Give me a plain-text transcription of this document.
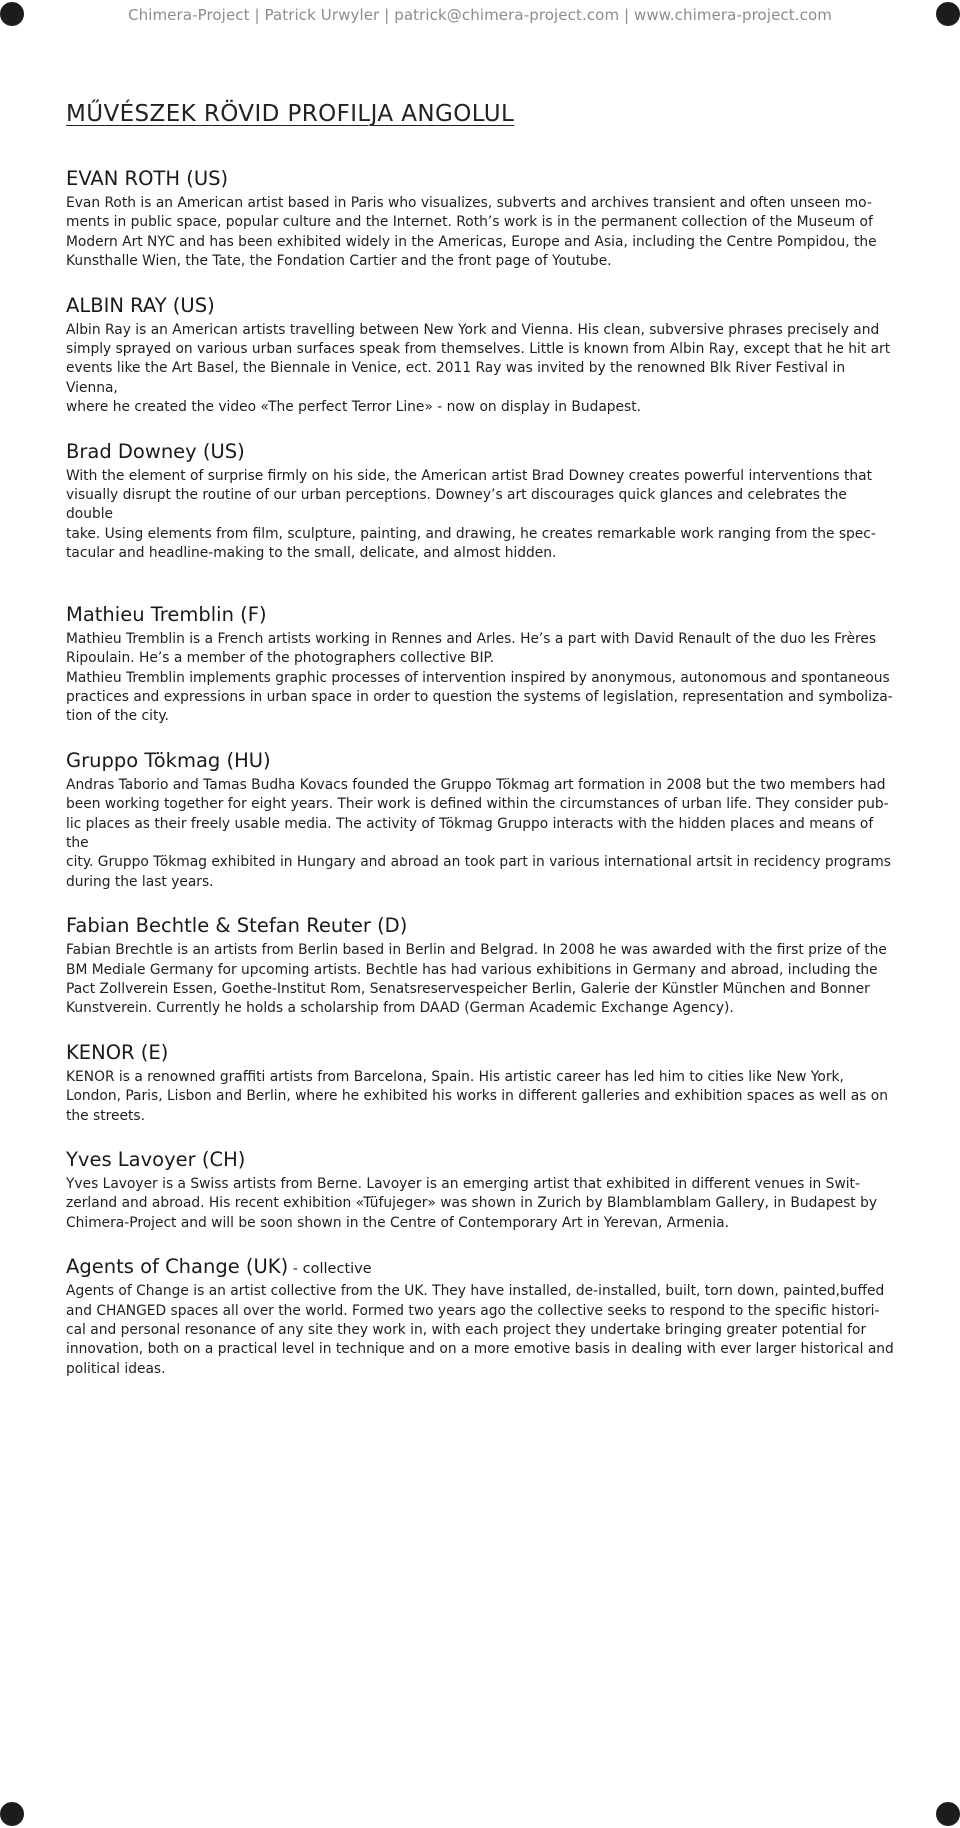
Chimera-Project | Patrick Urwyler | patrick@chimera-project.com | www.chimera-project.com
MŰVÉSZEK RÖVID PROFILJA ANGOLUL
EVAN ROTH (US)

Evan Roth is an American artist based in Paris who visualizes, subverts and archives transient and often unseen mo-
ments in public space, popular culture and the Internet. Roth’s work is in the permanent collection of the Museum of
Modern Art NYC and has been exhibited widely in the Americas, Europe and Asia, including the Centre Pompidou, the
Kunsthalle Wien, the Tate, the Fondation Cartier and the front page of Youtube.

ALBIN RAY (US)

Albin Ray is an American artists travelling between New York and Vienna. His clean, subversive phrases precisely and
simply sprayed on various urban surfaces speak from themselves. Little is known from Albin Ray, except that he hit art
events like the Art Basel, the Biennale in Venice, ect. 2011 Ray was invited by the renowned Blk River Festival in Vienna,
where he created the video «The perfect Terror Line» - now on display in Budapest.

Brad Downey (US)

With the element of surprise firmly on his side, the American artist Brad Downey creates powerful interventions that
visually disrupt the routine of our urban perceptions. Downey’s art discourages quick glances and celebrates the double
take. Using elements from film, sculpture, painting, and drawing, he creates remarkable work ranging from the spec-
tacular and headline-making to the small, delicate, and almost hidden.

Mathieu Tremblin (F)

Mathieu Tremblin is a French artists working in Rennes and Arles. He’s a part with David Renault of the duo les Frères
Ripoulain. He’s a member of the photographers collective BIP.
Mathieu Tremblin implements graphic processes of intervention inspired by anonymous, autonomous and spontaneous
practices and expressions in urban space in order to question the systems of legislation, representation and symboliza-
tion of the city.

Gruppo Tökmag (HU)

Andras Taborio and Tamas Budha Kovacs founded the Gruppo Tökmag art formation in 2008 but the two members had
been working together for eight years. Their work is defined within the circumstances of urban life. They consider pub-
lic places as their freely usable media. The activity of Tökmag Gruppo interacts with the hidden places and means of the
city. Gruppo Tökmag exhibited in Hungary and abroad an took part in various international artsit in recidency programs
during the last years.

Fabian Bechtle & Stefan Reuter (D)

Fabian Brechtle is an artists from Berlin based in Berlin and Belgrad. In 2008 he was awarded with the first prize of the
BM Mediale Germany for upcoming artists. Bechtle has had various exhibitions in Germany and abroad, including the
Pact Zollverein Essen, Goethe-Institut Rom, Senatsreservespeicher Berlin, Galerie der Künstler München and Bonner
Kunstverein. Currently he holds a scholarship from DAAD (German Academic Exchange Agency).

KENOR (E)

KENOR is a renowned graffiti artists from Barcelona, Spain. His artistic career has led him to cities like New York,
London, Paris, Lisbon and Berlin, where he exhibited his works in different galleries and exhibition spaces as well as on
the streets.

Yves Lavoyer (CH)

Yves Lavoyer is a Swiss artists from Berne. Lavoyer is an emerging artist that exhibited in different venues in Swit-
zerland and abroad. His recent exhibition «Tüfujeger» was shown in Zurich by Blamblamblam Gallery, in Budapest by
Chimera-Project and will be soon shown in the Centre of Contemporary Art in Yerevan, Armenia.

Agents of Change (UK) - collective

Agents of Change is an artist collective from the UK. They have installed, de-installed, built, torn down, painted,buffed
and CHANGED spaces all over the world. Formed two years ago the collective seeks to respond to the specific histori-
cal and personal resonance of any site they work in, with each project they undertake bringing greater potential for
innovation, both on a practical level in technique and on a more emotive basis in dealing with ever larger historical and
political ideas.
